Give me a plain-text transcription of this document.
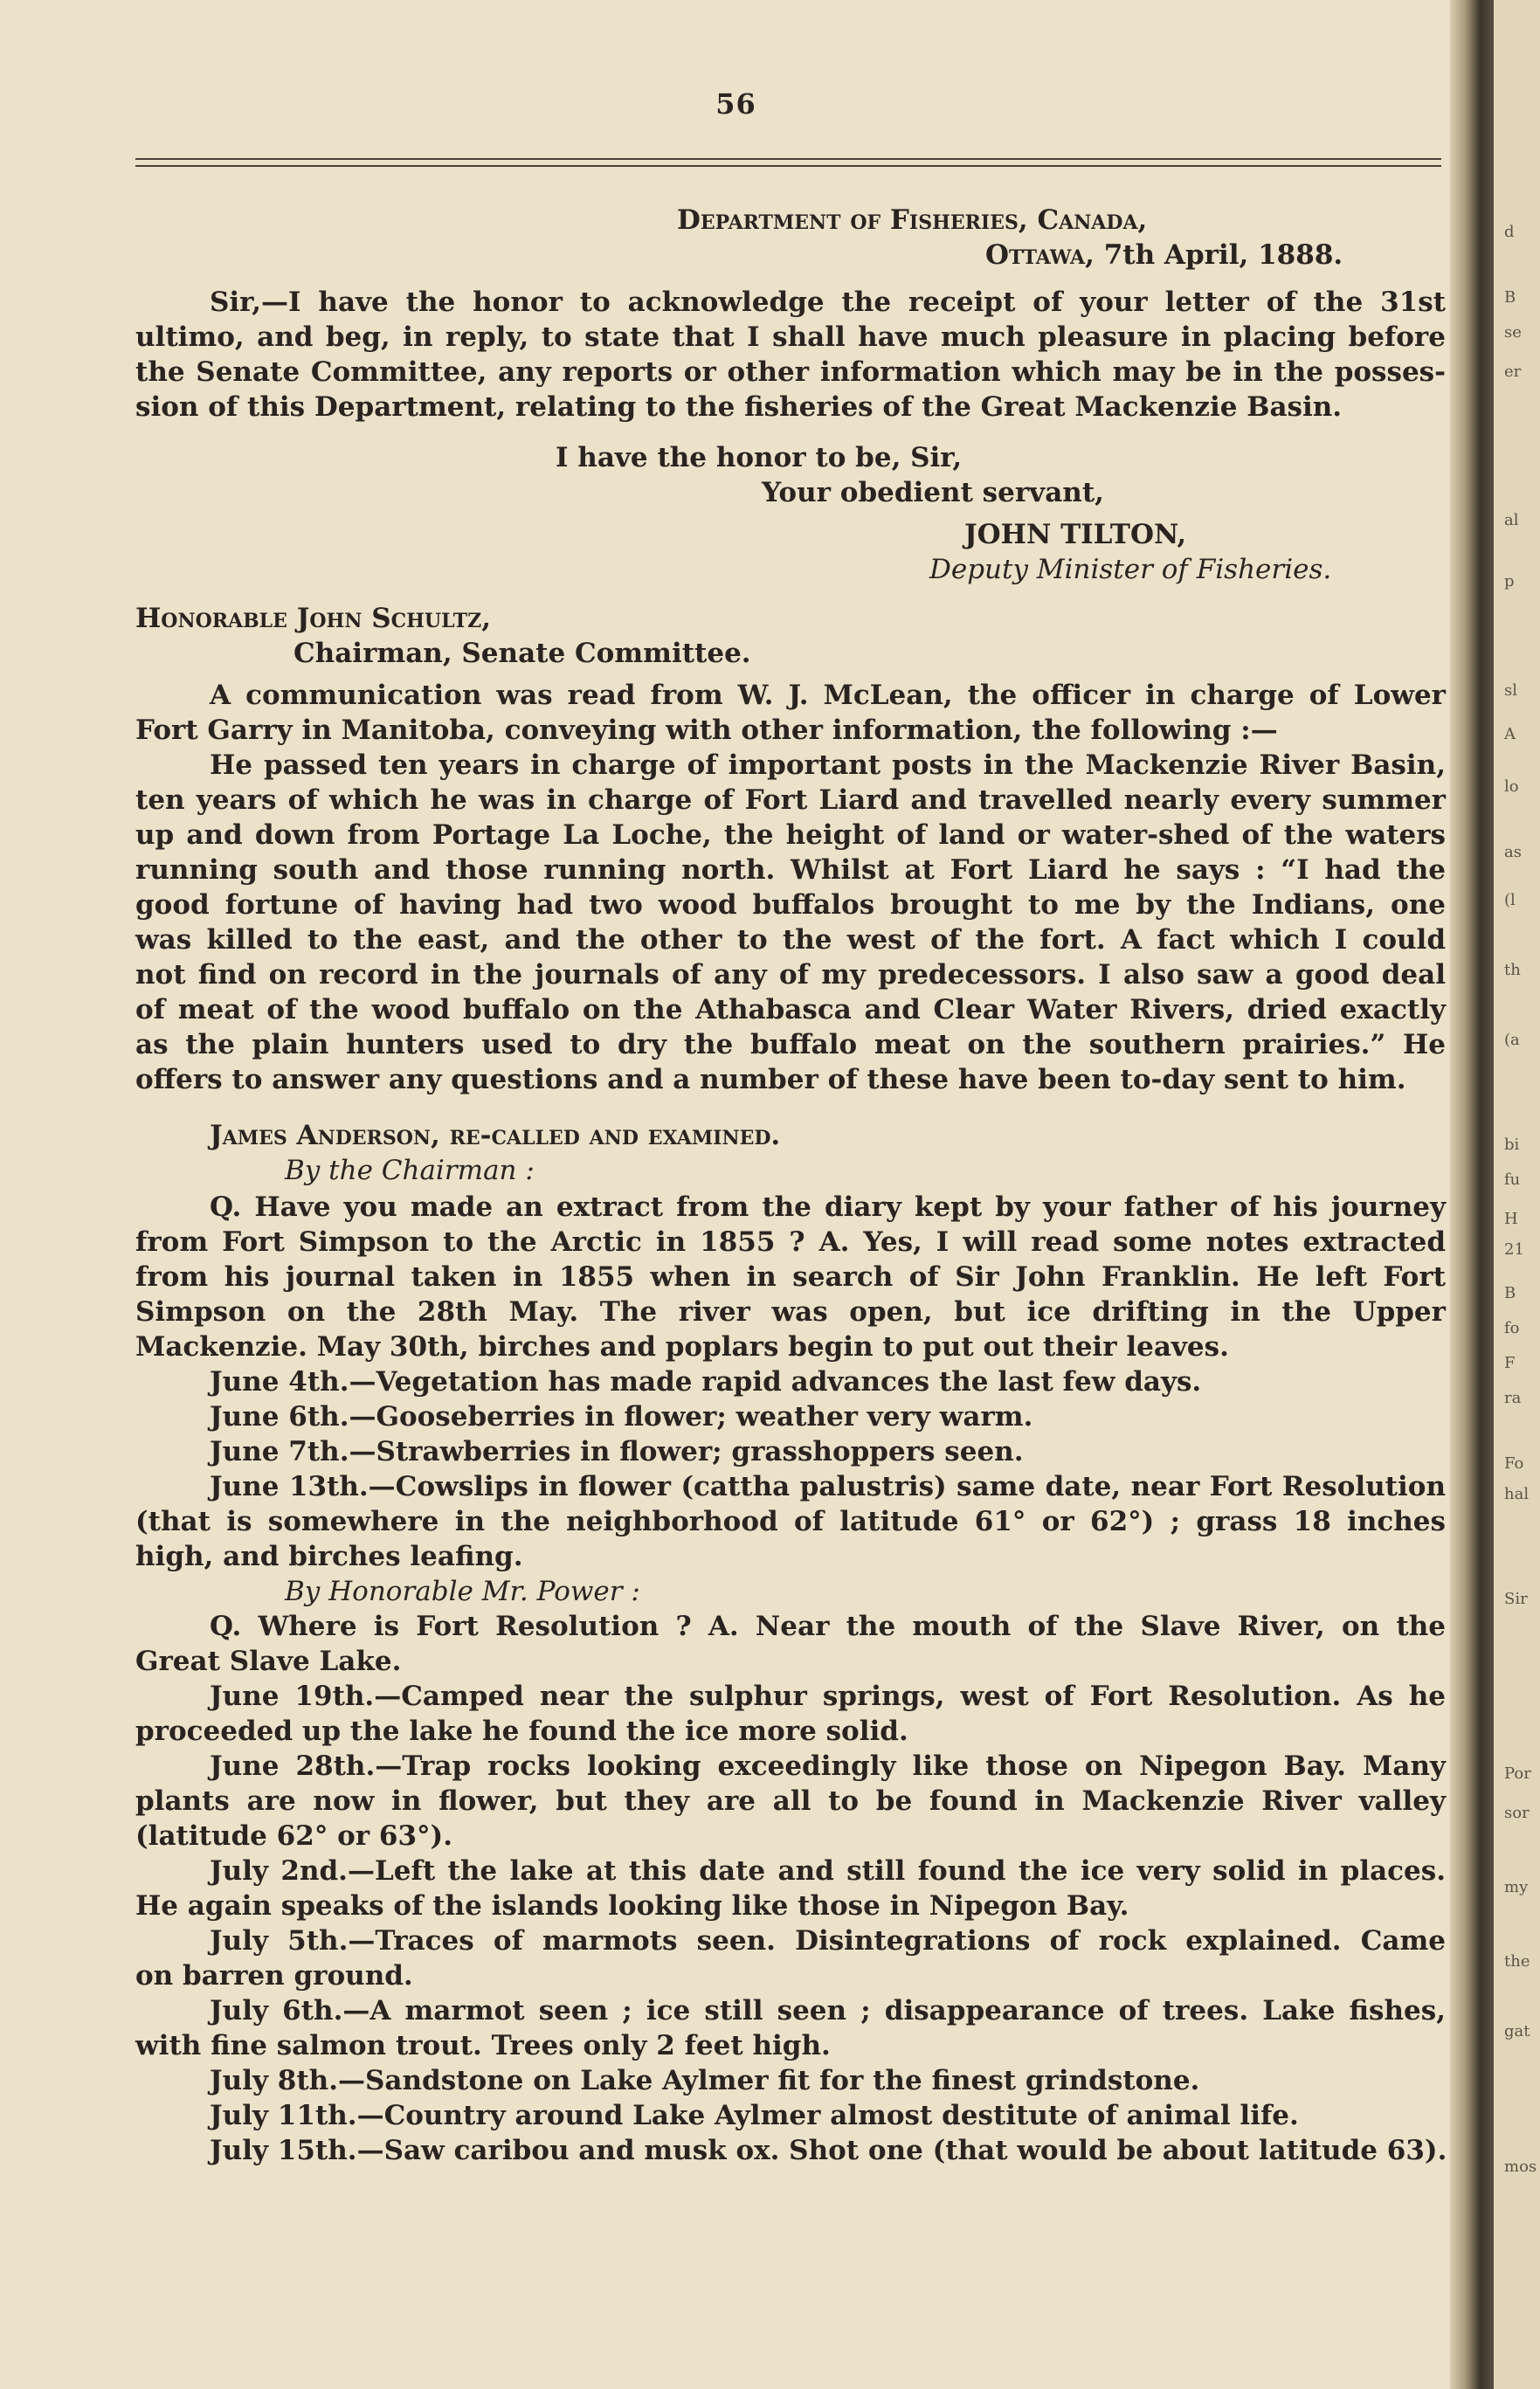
56
Department of Fisheries, Canada,
Ottawa, 7th April, 1888.
Sir,—I have the honor to acknowledge the receipt of your letter of the 31st
ultimo, and beg, in reply, to state that I shall have much pleasure in placing before
the Senate Committee, any reports or other information which may be in the posses-
sion of this Department, relating to the fisheries of the Great Mackenzie Basin.
I have the honor to be, Sir,
Your obedient servant,
JOHN TILTON,
Deputy Minister of Fisheries.
Honorable John Schultz,
Chairman, Senate Committee.
A communication was read from W. J. McLean, the officer in charge of Lower
Fort Garry in Manitoba, conveying with other information, the following :—
He passed ten years in charge of important posts in the Mackenzie River Basin,
ten years of which he was in charge of Fort Liard and travelled nearly every summer
up and down from Portage La Loche, the height of land or water-shed of the waters
running south and those running north. Whilst at Fort Liard he says : “I had the
good fortune of having had two wood buffalos brought to me by the Indians, one
was killed to the east, and the other to the west of the fort. A fact which I could
not find on record in the journals of any of my predecessors. I also saw a good deal
of meat of the wood buffalo on the Athabasca and Clear Water Rivers, dried exactly
as the plain hunters used to dry the buffalo meat on the southern prairies.” He
offers to answer any questions and a number of these have been to-day sent to him.
James Anderson, re-called and examined.
By the Chairman :
Q. Have you made an extract from the diary kept by your father of his journey
from Fort Simpson to the Arctic in 1855 ? A. Yes, I will read some notes extracted
from his journal taken in 1855 when in search of Sir John Franklin. He left Fort
Simpson on the 28th May. The river was open, but ice drifting in the Upper
Mackenzie. May 30th, birches and poplars begin to put out their leaves.
June 4th.—Vegetation has made rapid advances the last few days.
June 6th.—Gooseberries in flower; weather very warm.
June 7th.—Strawberries in flower; grasshoppers seen.
June 13th.—Cowslips in flower (cattha palustris) same date, near Fort Resolution
(that is somewhere in the neighborhood of latitude 61° or 62°) ; grass 18 inches
high, and birches leafing.
By Honorable Mr. Power :
Q. Where is Fort Resolution ? A. Near the mouth of the Slave River, on the
Great Slave Lake.
June 19th.—Camped near the sulphur springs, west of Fort Resolution. As he
proceeded up the lake he found the ice more solid.
June 28th.—Trap rocks looking exceedingly like those on Nipegon Bay. Many
plants are now in flower, but they are all to be found in Mackenzie River valley
(latitude 62° or 63°).
July 2nd.—Left the lake at this date and still found the ice very solid in places.
He again speaks of the islands looking like those in Nipegon Bay.
July 5th.—Traces of marmots seen. Disintegrations of rock explained. Came
on barren ground.
July 6th.—A marmot seen ; ice still seen ; disappearance of trees. Lake fishes,
with fine salmon trout. Trees only 2 feet high.
July 8th.—Sandstone on Lake Aylmer fit for the finest grindstone.
July 11th.—Country around Lake Aylmer almost destitute of animal life.
July 15th.—Saw caribou and musk ox. Shot one (that would be about latitude 63).
d
B
se
er
al
p
sl
A
lo
as
(l
th
(a
bi
fu
H
21
B
fo
F
ra
Fo
hal
Sir
Por
sor
my
the
gat
mos
